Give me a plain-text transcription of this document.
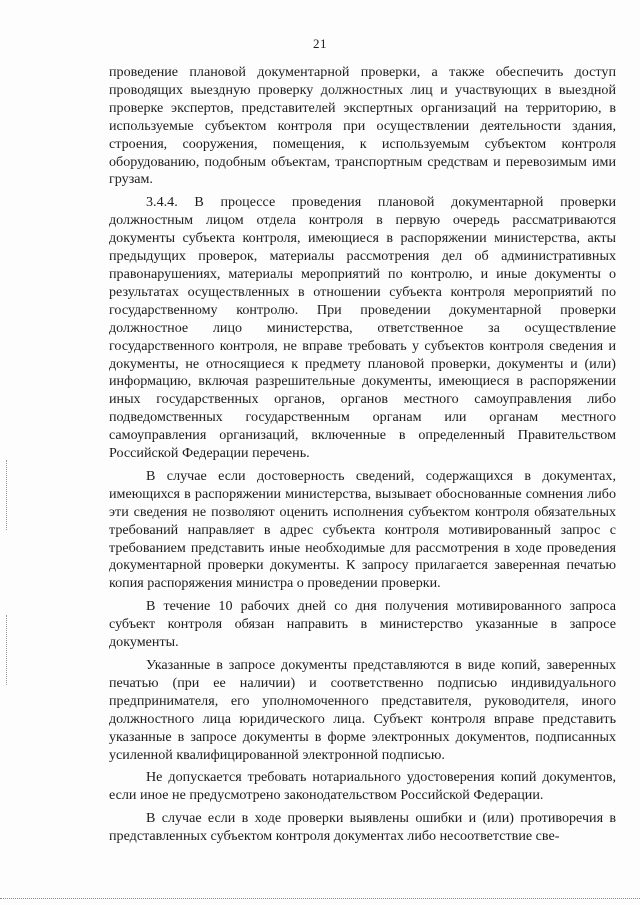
21

проведение плановой документарной проверки, а также обеспечить доступ проводящих выездную проверку должностных лиц и участвующих в выездной проверке экспертов, представителей экспертных организаций на территорию, в используемые субъектом контроля при осуществлении деятельности здания, строения, сооружения, помещения, к используемым субъектом контроля оборудованию, подобным объектам, транспортным средствам и перевозимым ими грузам.

3.4.4. В процессе проведения плановой документарной проверки должностным лицом отдела контроля в первую очередь рассматриваются документы субъекта контроля, имеющиеся в распоряжении министерства, акты предыдущих проверок, материалы рассмотрения дел об административных правонарушениях, материалы мероприятий по контролю, и иные документы о результатах осуществленных в отношении субъекта контроля мероприятий по государственному контролю. При проведении документарной проверки должностное лицо министерства, ответственное за осуществление государственного контроля, не вправе требовать у субъектов контроля сведения и документы, не относящиеся к предмету плановой проверки, документы и (или) информацию, включая разрешительные документы, имеющиеся в распоряжении иных государственных органов, органов местного самоуправления либо подведомственных государственным органам или органам местного самоуправления организаций, включенные в определенный Правительством Российской Федерации перечень.

В случае если достоверность сведений, содержащихся в документах, имеющихся в распоряжении министерства, вызывает обоснованные сомнения либо эти сведения не позволяют оценить исполнения субъектом контроля обязательных требований направляет в адрес субъекта контроля мотивированный запрос с требованием представить иные необходимые для рассмотрения в ходе проведения документарной проверки документы. К запросу прилагается заверенная печатью копия распоряжения министра о проведении проверки.

В течение 10 рабочих дней со дня получения мотивированного запроса субъект контроля обязан направить в министерство указанные в запросе документы.

Указанные в запросе документы представляются в виде копий, заверенных печатью (при ее наличии) и соответственно подписью индивидуального предпринимателя, его уполномоченного представителя, руководителя, иного должностного лица юридического лица. Субъект контроля вправе представить указанные в запросе документы в форме электронных документов, подписанных усиленной квалифицированной электронной подписью.

Не допускается требовать нотариального удостоверения копий документов, если иное не предусмотрено законодательством Российской Федерации.

В случае если в ходе проверки выявлены ошибки и (или) противоречия в представленных субъектом контроля документах либо несоответствие све-
